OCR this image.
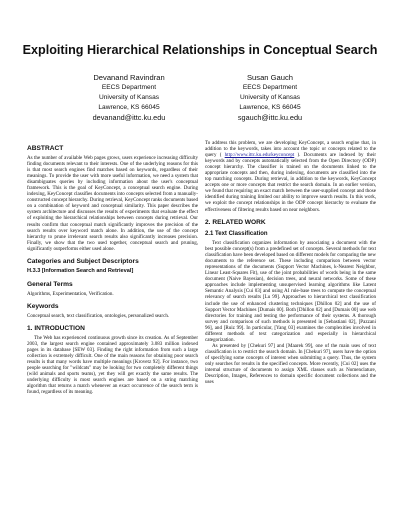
Exploiting Hierarchical Relationships in Conceptual Search
Devanand Ravindran
EECS Department
University of Kansas
Lawrence, KS 66045
devanand@ittc.ku.edu
Susan Gauch
EECS Department
University of Kansas
Lawrence, KS 66045
sgauch@ittc.ku.edu
ABSTRACT

As the number of available Web pages grows, users experience increasing difficulty finding documents relevant to their interests. One of the underlying reasons for this is that most search engines find matches based on keywords, regardless of their meanings. To provide the user with more useful information, we need a system that disambiguates queries by including information about the user's conceptual framework. This is the goal of KeyConcept, a conceptual search engine. During indexing, KeyConcept classifies documents into concepts selected from a manually-constructed concept hierarchy. During retrieval, KeyConcept ranks documents based on a combination of keyword and conceptual similarity. This paper describes the system architecture and discusses the results of experiments that evaluate the effect of exploiting the hierarchical relationships between concepts during retrieval. Our results confirm that conceptual match significantly improves the precision of the search results over keyword match alone. In addition, the use of the concept hierarchy to prune irrelevant search results also significantly increases precision. Finally, we show that the two used together, conceptual search and pruning, significantly outperforms either used alone.

Categories and Subject Descriptors
H.3.3 [Information Search and Retrieval]
General Terms

Algorithms, Experimentation, Verification.

Keywords

Conceptual search, text classification, ontologies, personalized search.

1. INTRODUCTION

The Web has experienced continuous growth since its creation. As of September 2003, the largest search engine contained approximately 3.083 million indexed pages in its database [SEW 03]. Finding the right information from such a large collection is extremely difficult. One of the main reasons for obtaining poor search results is that many words have multiple meanings [Krovetz 92]. For instance, two people searching for "wildcats" may be looking for two completely different things (wild animals and sports teams), yet they will get exactly the same results. The underlying difficulty is most search engines are based on a string matching algorithm that returns a match whenever an exact occurrence of the search term is found, regardless of its meaning.

To address this problem, we are developing KeyConcept, a search engine that, in addition to the keywords, takes into account the topic or concepts related to the query ( http://www.ittc.ku.edu/keyconcept ). Documents are indexed by their keywords and by concepts automatically selected from the Open Directory (ODP) concept hierarchy. The classifier is trained on the documents linked to the appropriate concepts and then, during indexing, documents are classified into the top matching concepts. During retrieval, in addition to the keywords, KeyConcept accepts one or more concepts that restrict the search domain. In an earlier version, we found that requiring an exact match between the user-supplied concept and those identified during training limited our ability to improve search results. In this work, we exploit the concept relationships in the ODP concept hierarchy to evaluate the effectiveness of filtering results based on near neighbors.

2. RELATED WORK
2.1 Text Classification

Text classification organizes information by associating a document with the best possible concept(s) from a predefined set of concepts. Several methods for text classification have been developed based on different models for comparing the new documents to the reference set. These including comparison between vector representations of the documents (Support Vector Machines, k-Nearest Neighbor, Linear Least-Squares Fit), use of the joint probabilities of words being in the same document (Naive Bayesian), decision trees, and neural networks. Some of these approaches include implementing unsupervised learning algorithms like Latent Semantic Analysis [Cui 03] and using AI rule-base trees to compute the conceptual relevancy of search results [Lu 99]. Approaches to hierarchical text classification include the use of enhanced clustering techniques [Dhillon 02] and the use of Support Vector Machines [Dumais 00]. Both [Dhillon 02] and [Dumais 00] use web directories for training and testing the performance of their systems. A thorough survey and comparison of such methods is presented in [Sebastiani 02], [Pazzani 96], and [Ruiz 99]. In particular, [Yang 03] examines the complexities involved in different methods of text categorization and especially in hierarchical categorization.

As presented by [Chekuri 97] and [Maarek 99], one of the main uses of text classification is to restrict the search domain. In [Chekuri 97], users have the option of specifying some concepts of interest when submitting a query. Thus, the system only searches for results in the specified concepts. More recently, [Cui 02] uses the internal structure of documents to assign XML classes such as Nomenclature, Description, Images, References to domain specific document collections and the uses
